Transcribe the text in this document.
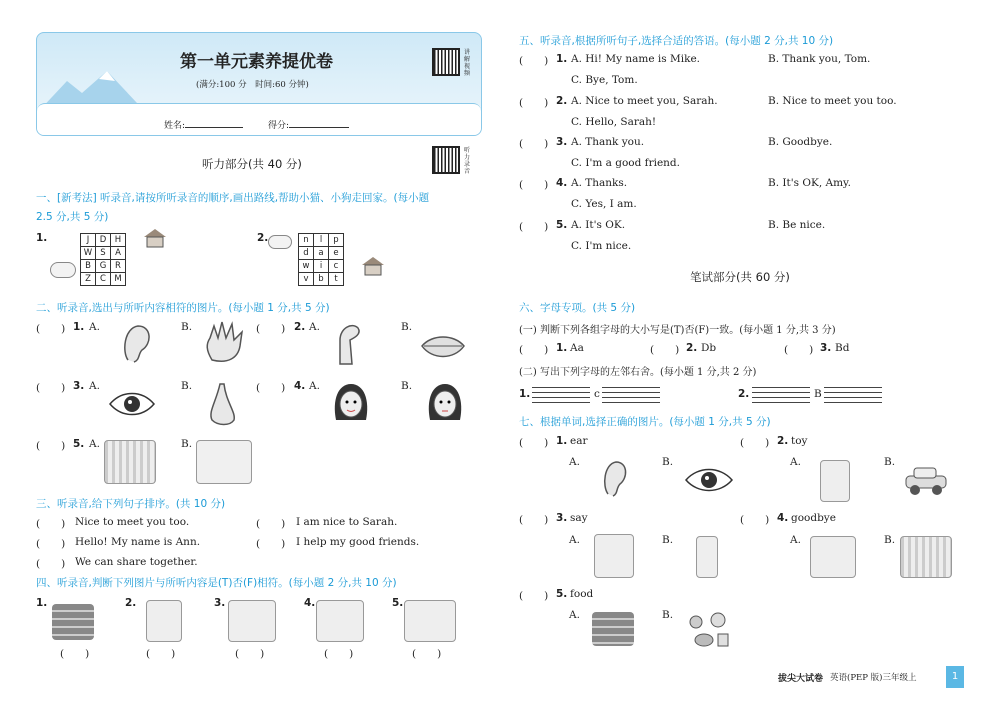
第一单元素养提优卷
(满分:100 分　时间:60 分钟)
讲解视频
姓名:	得分:
听力部分(共 40 分)
听力录音
一、[新考法] 听录音,请按所听录音的顺序,画出路线,帮助小猫、小狗走回家。(每小题
2.5 分,共 5 分)
1.	J	D	H
W	S	A
B	G	R
Z	C	M
2.	n	l	p
d	a	e
w	i	c
v	b	t
二、听录音,选出与所听内容相符的图片。(每小题 1 分,共 5 分)
(　　) 1. A.	B.	(　　) 2. A.	B.
(　　) 3. A.	B.	(　　) 4. A.	B.
(　　) 5. A.	B.
三、听录音,给下列句子排序。(共 10 分)
(　　) Nice to meet you too.	(　　) I am nice to Sarah.
(　　) Hello! My name is Ann.	(　　) I help my good friends.
(　　) We can share together.
四、听录音,判断下列图片与所听内容是(T)否(F)相符。(每小题 2 分,共 10 分)
1.
(　　)
2.
(　　)
3.
(　　)
4.
(　　)
5.
(　　)
五、听录音,根据所听句子,选择合适的答语。(每小题 2 分,共 10 分)
(　　) 1. A. Hi! My name is Mike.	B. Thank you, Tom.
C. Bye, Tom.
(　　) 2. A. Nice to meet you, Sarah.	B. Nice to meet you too.
C. Hello, Sarah!
(　　) 3. A. Thank you.	B. Goodbye.
C. I'm a good friend.
(　　) 4. A. Thanks.	B. It's OK, Amy.
C. Yes, I am.
(　　) 5. A. It's OK.	B. Be nice.
C. I'm nice.
笔试部分(共 60 分)
六、字母专项。(共 5 分)
(一) 判断下列各组字母的大小写是(T)否(F)一致。(每小题 1 分,共 3 分)
(　　) 1. Aa	(　　) 2. Db	(　　) 3. Bd
(二) 写出下列字母的左邻右舍。(每小题 1 分,共 2 分)
1.	c	2.	B
七、根据单词,选择正确的图片。(每小题 1 分,共 5 分)
(　　) 1. ear
A.	B.
(　　) 2. toy
A.	B.
(　　) 3. say
A.	B.
(　　) 4. goodbye
A.	B.
(　　) 5. food
A.	B.
拔尖大试卷 英语(PEP 版)三年级上	1
